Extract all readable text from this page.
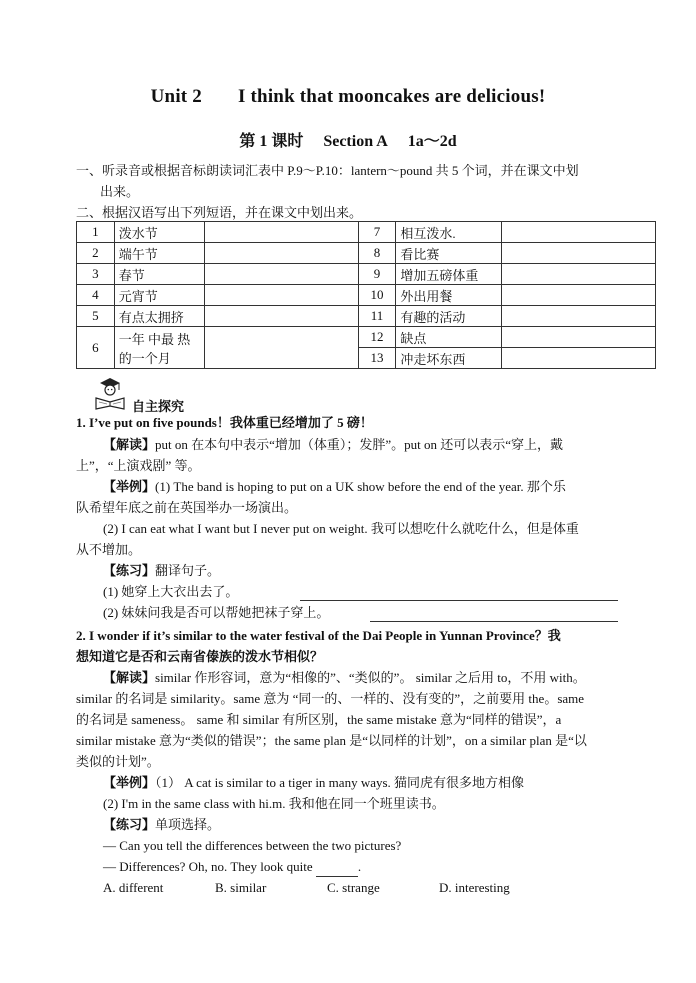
Unit 2 I think that mooncakes are delicious!
第 1 课时 Section A 1a～2d
一、听录音或根据音标朗读词汇表中 P.9～P.10：lantern～pound 共 5 个词，并在课文中划
出来。
二、根据汉语写出下列短语，并在课文中划出来。
1	泼水节		7	相互泼水.	
2	端午节		8	看比赛	
3	春节		9	增加五磅体重	
4	元宵节		10	外出用餐	
5	有点太拥挤		11	有趣的活动	
6	一年 中最 热
的一个月		12	缺点	
			13	冲走坏东西	
自主探究
1. I’ve put on five pounds！我体重已经增加了 5 磅！
【解读】put on 在本句中表示“增加（体重）；发胖”。put on 还可以表示“穿上，戴
上”，“上演戏剧” 等。
【举例】(1) The band is hoping to put on a UK show before the end of the year. 那个乐
队希望年底之前在英国举办一场演出。
(2) I can eat what I want but I never put on weight. 我可以想吃什么就吃什么，但是体重
从不增加。
【练习】翻译句子。
(1) 她穿上大衣出去了。
(2) 妹妹问我是否可以帮她把袜子穿上。
2. I wonder if it’s similar to the water festival of the Dai People in Yunnan Province？我
想知道它是否和云南省傣族的泼水节相似？
【解读】similar 作形容词，意为“相像的”、“类似的”。 similar 之后用 to，不用 with。
similar 的名词是 similarity。same 意为 “同一的、一样的、没有变的”，之前要用 the。same
的名词是 sameness。 same 和 similar 有所区别，the same mistake 意为“同样的错误”，a
similar mistake 意为“类似的错误”；the same plan 是“以同样的计划”，on a similar plan 是“以
类似的计划”。
【举例】（1） A cat is similar to a tiger in many ways. 猫同虎有很多地方相像
(2) I'm in the same class with hi.m. 我和他在同一个班里读书。
【练习】单项选择。
— Can you tell the differences between the two pictures?
— Differences? Oh, no. They look quite	.
A. different	B. similar	C. strange	D. interesting
